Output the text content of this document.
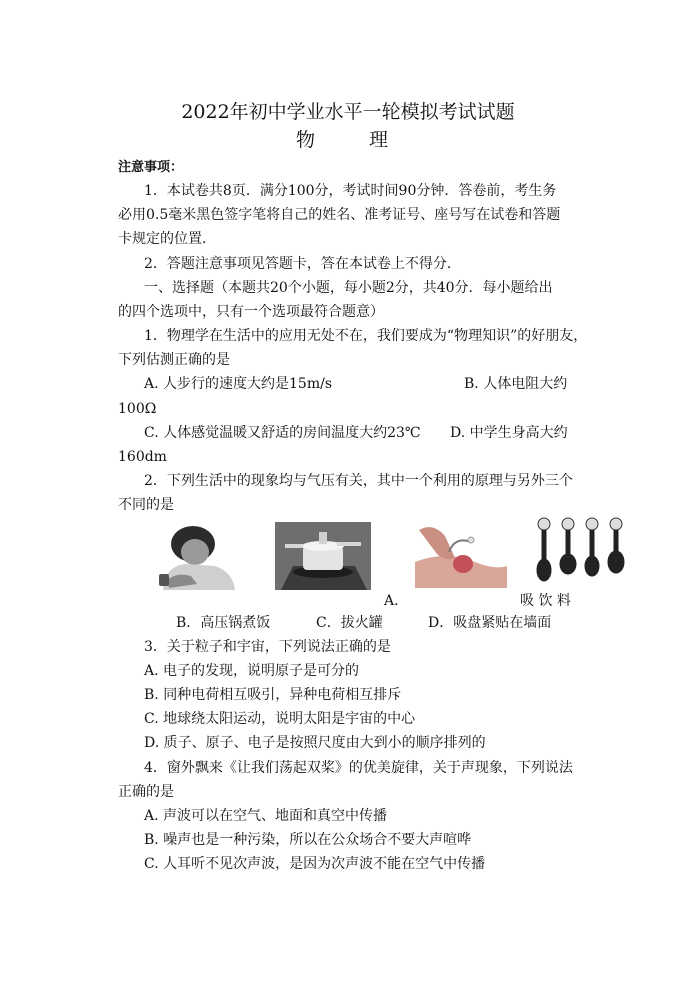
2022年初中学业水平一轮模拟考试试题
物 理
注意事项：
1．本试卷共8页．满分100分，考试时间90分钟．答卷前，考生务
必用0.5毫米黑色签字笔将自己的姓名、准考证号、座号写在试卷和答题
卡规定的位置．
2．答题注意事项见答题卡，答在本试卷上不得分．
一、选择题（本题共20个小题，每小题2分，共40分．每小题给出
的四个选项中，只有一个选项最符合题意）
1．物理学在生活中的应用无处不在，我们要成为“物理知识”的好朋友，
下列估测正确的是
A. 人步行的速度大约是15m/s	B. 人体电阻大约
100Ω
C. 人体感觉温暖又舒适的房间温度大约23℃ D. 中学生身高大约
160dm
2．下列生活中的现象均与气压有关，其中一个利用的原理与另外三个
不同的是
A．	吸 饮 料
B．高压锅煮饭	C．拔火罐	D．吸盘紧贴在墙面
3．关于粒子和宇宙，下列说法正确的是
A. 电子的发现，说明原子是可分的
B. 同种电荷相互吸引，异种电荷相互排斥
C. 地球绕太阳运动，说明太阳是宇宙的中心
D. 质子、原子、电子是按照尺度由大到小的顺序排列的
4．窗外飘来《让我们荡起双桨》的优美旋律，关于声现象，下列说法
正确的是
A. 声波可以在空气、地面和真空中传播
B. 噪声也是一种污染，所以在公众场合不要大声喧哗
C. 人耳听不见次声波，是因为次声波不能在空气中传播
